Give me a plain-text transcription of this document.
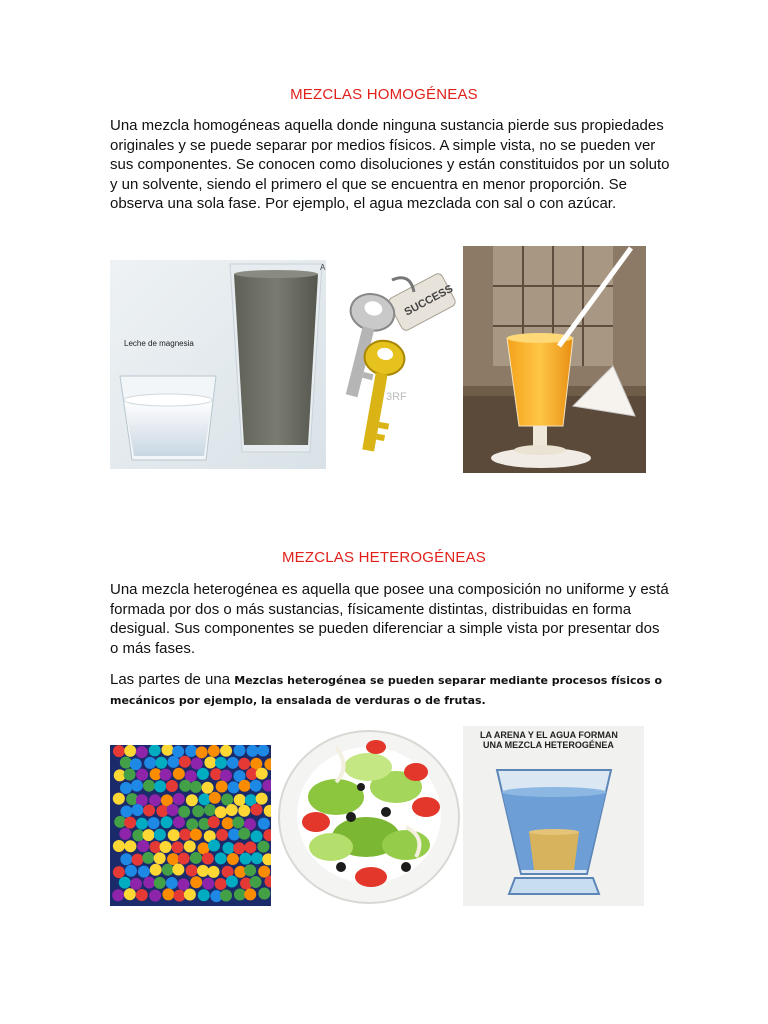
MEZCLAS HOMOGÉNEAS

Una mezcla homogéneas aquella donde ninguna sustancia pierde sus propiedades originales y se puede separar por medios físicos. A simple vista, no se pueden ver sus componentes. Se conocen como disoluciones y están constituidos por un soluto y un solvente, siendo el primero el que se encuentra en menor proporción. Se observa una sola fase. Por ejemplo, el agua mezclada con sal o con azúcar.

Leche de magnesia
A
SUCCESS
3RF
MEZCLAS HETEROGÉNEAS

Una mezcla heterogénea es aquella que posee una composición no uniforme y está formada por dos o más sustancias, físicamente distintas, distribuidas en forma desigual. Sus componentes se pueden diferenciar a simple vista por presentar dos o más fases.

Las partes de una Mezclas heterogénea se pueden separar mediante procesos físicos o mecánicos por ejemplo, la ensalada de verduras o de frutas.

LA ARENA Y EL AGUA FORMAN
UNA MEZCLA HETEROGÉNEA
